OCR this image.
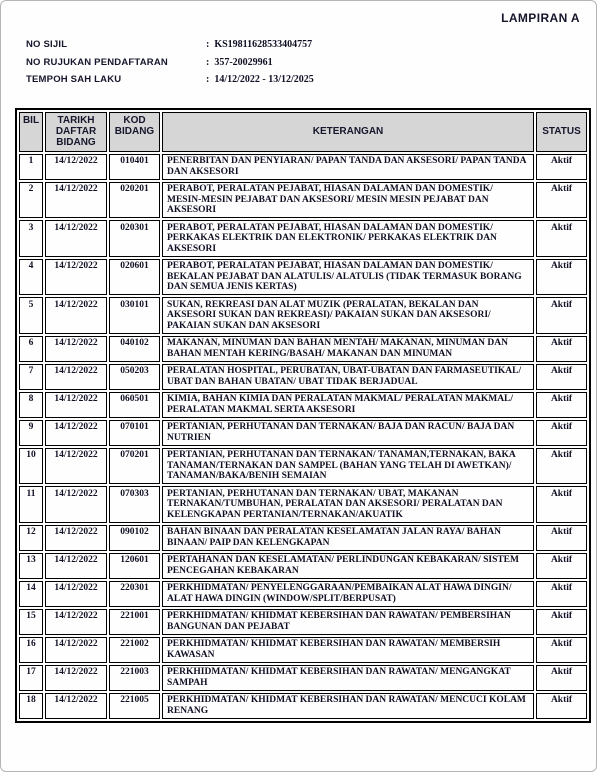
LAMPIRAN A
NO SIJIL	: KS19811628533404757
NO RUJUKAN PENDAFTARAN	: 357-20029961
TEMPOH SAH LAKU	: 14/12/2022 - 13/12/2025
BIL	TARIKH DAFTAR BIDANG	KOD BIDANG	KETERANGAN	STATUS
1	14/12/2022	010401	PENERBITAN DAN PENYIARAN/ PAPAN TANDA DAN AKSESORI/ PAPAN TANDA DAN AKSESORI	Aktif
2	14/12/2022	020201	PERABOT, PERALATAN PEJABAT, HIASAN DALAMAN DAN DOMESTIK/ MESIN-MESIN PEJABAT DAN AKSESORI/ MESIN MESIN PEJABAT DAN AKSESORI	Aktif
3	14/12/2022	020301	PERABOT, PERALATAN PEJABAT, HIASAN DALAMAN DAN DOMESTIK/ PERKAKAS ELEKTRIK DAN ELEKTRONIK/ PERKAKAS ELEKTRIK DAN AKSESORI	Aktif
4	14/12/2022	020601	PERABOT, PERALATAN PEJABAT, HIASAN DALAMAN DAN DOMESTIK/ BEKALAN PEJABAT DAN ALATULIS/ ALATULIS (TIDAK TERMASUK BORANG DAN SEMUA JENIS KERTAS)	Aktif
5	14/12/2022	030101	SUKAN, REKREASI DAN ALAT MUZIK (PERALATAN, BEKALAN DAN AKSESORI SUKAN DAN REKREASI)/ PAKAIAN SUKAN DAN AKSESORI/ PAKAIAN SUKAN DAN AKSESORI	Aktif
6	14/12/2022	040102	MAKANAN, MINUMAN DAN BAHAN MENTAH/ MAKANAN, MINUMAN DAN BAHAN MENTAH KERING/BASAH/ MAKANAN DAN MINUMAN	Aktif
7	14/12/2022	050203	PERALATAN HOSPITAL, PERUBATAN, UBAT-UBATAN DAN FARMASEUTIKAL/ UBAT DAN BAHAN UBATAN/ UBAT TIDAK BERJADUAL	Aktif
8	14/12/2022	060501	KIMIA, BAHAN KIMIA DAN PERALATAN MAKMAL/ PERALATAN MAKMAL/ PERALATAN MAKMAL SERTA AKSESORI	Aktif
9	14/12/2022	070101	PERTANIAN, PERHUTANAN DAN TERNAKAN/ BAJA DAN RACUN/ BAJA DAN NUTRIEN	Aktif
10	14/12/2022	070201	PERTANIAN, PERHUTANAN DAN TERNAKAN/ TANAMAN,TERNAKAN, BAKA TANAMAN/TERNAKAN DAN SAMPEL (BAHAN YANG TELAH DI AWETKAN)/ TANAMAN/BAKA/BENIH SEMAIAN	Aktif
11	14/12/2022	070303	PERTANIAN, PERHUTANAN DAN TERNAKAN/ UBAT, MAKANAN TERNAKAN/TUMBUHAN, PERALATAN DAN AKSESORI/ PERALATAN DAN KELENGKAPAN PERTANIAN/TERNAKAN/AKUATIK	Aktif
12	14/12/2022	090102	BAHAN BINAAN DAN PERALATAN KESELAMATAN JALAN RAYA/ BAHAN BINAAN/ PAIP DAN KELENGKAPAN	Aktif
13	14/12/2022	120601	PERTAHANAN DAN KESELAMATAN/ PERLINDUNGAN KEBAKARAN/ SISTEM PENCEGAHAN KEBAKARAN	Aktif
14	14/12/2022	220301	PERKHIDMATAN/ PENYELENGGARAAN/PEMBAIKAN ALAT HAWA DINGIN/ ALAT HAWA DINGIN (WINDOW/SPLIT/BERPUSAT)	Aktif
15	14/12/2022	221001	PERKHIDMATAN/ KHIDMAT KEBERSIHAN DAN RAWATAN/ PEMBERSIHAN BANGUNAN DAN PEJABAT	Aktif
16	14/12/2022	221002	PERKHIDMATAN/ KHIDMAT KEBERSIHAN DAN RAWATAN/ MEMBERSIH KAWASAN	Aktif
17	14/12/2022	221003	PERKHIDMATAN/ KHIDMAT KEBERSIHAN DAN RAWATAN/ MENGANGKAT SAMPAH	Aktif
18	14/12/2022	221005	PERKHIDMATAN/ KHIDMAT KEBERSIHAN DAN RAWATAN/ MENCUCI KOLAM RENANG	Aktif
